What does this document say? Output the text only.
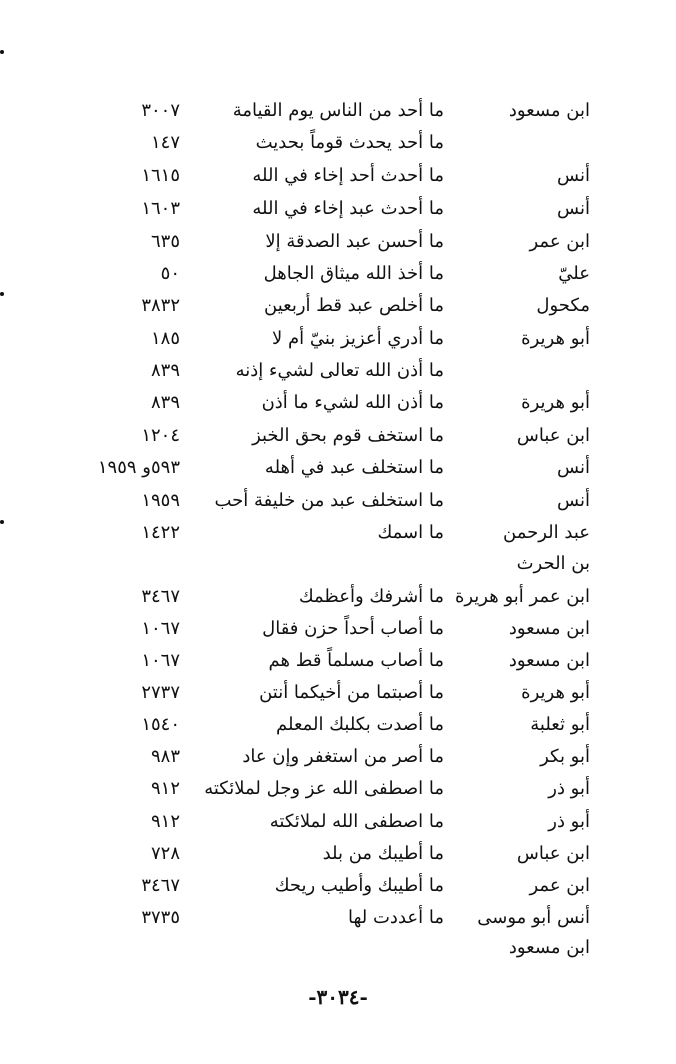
ابن مسعود
ما أحد من الناس يوم القيامة
٣٠٠٧
ما أحد يحدث قوماً بحديث
١٤٧
أنس
ما أحدث أحد إخاء في الله
١٦١٥
أنس
ما أحدث عبد إخاء في الله
١٦٠٣
ابن عمر
ما أحسن عبد الصدقة إلا
٦٣٥
عليّ
ما أخذ الله ميثاق الجاهل
٥٠
مكحول
ما أخلص عبد قط أربعين
٣٨٣٢
أبو هريرة
ما أدري أعزيز بنيّ أم لا
١٨٥
ما أذن الله تعالى لشيء إذنه
٨٣٩
أبو هريرة
ما أذن الله لشيء ما أذن
٨٣٩
ابن عباس
ما استخف قوم بحق الخبز
١٢٠٤
أنس
ما استخلف عبد في أهله
٥٩٣و ١٩٥٩
أنس
ما استخلف عبد من خليفة أحب
١٩٥٩
عبد الرحمن
ما اسمك
١٤٢٢
بن الحرث
ابن عمر أبو هريرة
ما أشرفك وأعظمك
٣٤٦٧
ابن مسعود
ما أصاب أحداً حزن فقال
١٠٦٧
ابن مسعود
ما أصاب مسلماً قط هم
١٠٦٧
أبو هريرة
ما أصبتما من أخيكما أنتن
٢٧٣٧
أبو ثعلبة
ما أصدت بكلبك المعلم
١٥٤٠
أبو بكر
ما أصر من استغفر وإن عاد
٩٨٣
أبو ذر
ما اصطفى الله عز وجل لملائكته
٩١٢
أبو ذر
ما اصطفى الله لملائكته
٩١٢
ابن عباس
ما أطيبك من بلد
٧٢٨
ابن عمر
ما أطيبك وأطيب ريحك
٣٤٦٧
أنس أبو موسى
ما أعددت لها
٣٧٣٥
ابن مسعود
-٣٠٣٤-
